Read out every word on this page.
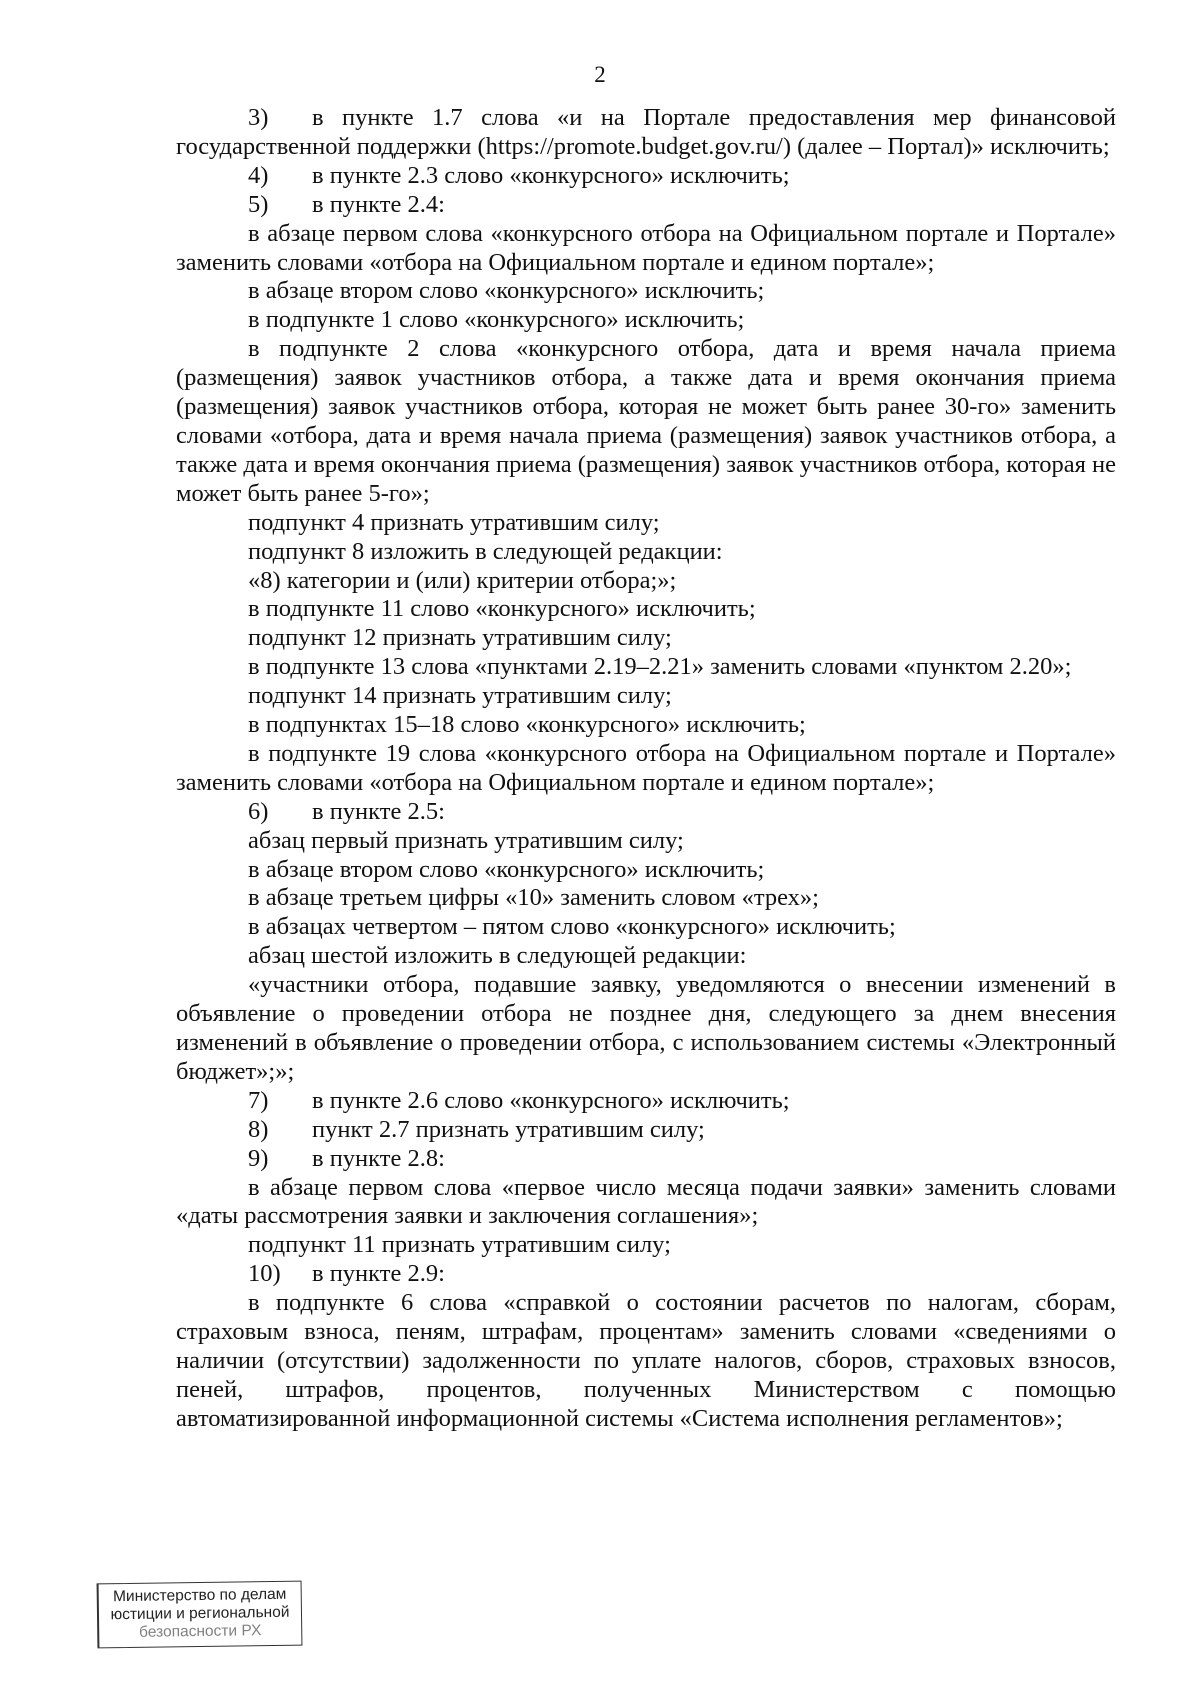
2

3) в пункте 1.7 слова «и на Портале предоставления мер финансовой государственной поддержки (https://promote.budget.gov.ru/) (далее – Портал)» исключить;

4) в пункте 2.3 слово «конкурсного» исключить;

5) в пункте 2.4:

в абзаце первом слова «конкурсного отбора на Официальном портале и Портале» заменить словами «отбора на Официальном портале и едином портале»;

в абзаце втором слово «конкурсного» исключить;

в подпункте 1 слово «конкурсного» исключить;

в подпункте 2 слова «конкурсного отбора, дата и время начала приема (размещения) заявок участников отбора, а также дата и время окончания приема (размещения) заявок участников отбора, которая не может быть ранее 30-го» заменить словами «отбора, дата и время начала приема (размещения) заявок участников отбора, а также дата и время окончания приема (размещения) заявок участников отбора, которая не может быть ранее 5-го»;

подпункт 4 признать утратившим силу;

подпункт 8 изложить в следующей редакции:

«8) категории и (или) критерии отбора;»;

в подпункте 11 слово «конкурсного» исключить;

подпункт 12 признать утратившим силу;

в подпункте 13 слова «пунктами 2.19–2.21» заменить словами «пунктом 2.20»;

подпункт 14 признать утратившим силу;

в подпунктах 15–18 слово «конкурсного» исключить;

в подпункте 19 слова «конкурсного отбора на Официальном портале и Портале» заменить словами «отбора на Официальном портале и едином портале»;

6) в пункте 2.5:

абзац первый признать утратившим силу;

в абзаце втором слово «конкурсного» исключить;

в абзаце третьем цифры «10» заменить словом «трех»;

в абзацах четвертом – пятом слово «конкурсного» исключить;

абзац шестой изложить в следующей редакции:

«участники отбора, подавшие заявку, уведомляются о внесении изменений в объявление о проведении отбора не позднее дня, следующего за днем внесения изменений в объявление о проведении отбора, с использованием системы «Электронный бюджет»;»;

7) в пункте 2.6 слово «конкурсного» исключить;

8) пункт 2.7 признать утратившим силу;

9) в пункте 2.8:

в абзаце первом слова «первое число месяца подачи заявки» заменить словами «даты рассмотрения заявки и заключения соглашения»;

подпункт 11 признать утратившим силу;

10) в пункте 2.9:

в подпункте 6 слова «справкой о состоянии расчетов по налогам, сборам, страховым взноса, пеням, штрафам, процентам» заменить словами «сведениями о наличии (отсутствии) задолженности по уплате налогов, сборов, страховых взносов, пеней, штрафов, процентов, полученных Министерством с помощью автоматизированной информационной системы «Система исполнения регламентов»;

Министерство по делам
юстиции и региональной
безопасности РХ
